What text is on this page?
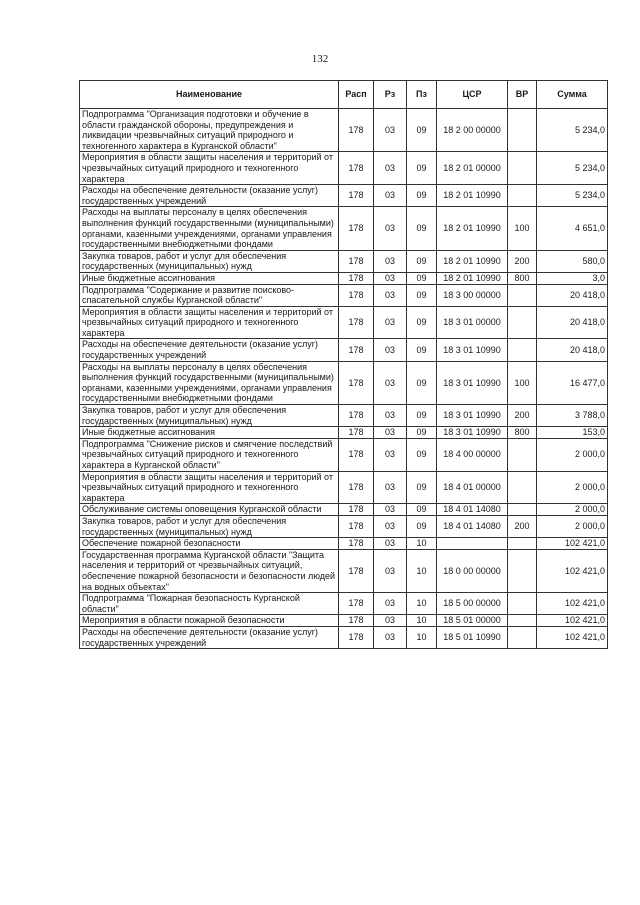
132
Наименование	Расп	Рз	Пз	ЦСР	ВР	Сумма
Подпрограмма "Организация подготовки и обучение в области гражданской обороны, предупреждения и ликвидации чрезвычайных ситуаций природного и техногенного характера в Курганской области"	178	03	09	18 2 00 00000		5 234,0
Мероприятия в области защиты населения и территорий от чрезвычайных ситуаций природного и техногенного характера	178	03	09	18 2 01 00000		5 234,0
Расходы на обеспечение деятельности (оказание услуг) государственных учреждений	178	03	09	18 2 01 10990		5 234,0
Расходы на выплаты персоналу в целях обеспечения выполнения функций государственными (муниципальными) органами, казенными учреждениями, органами управления государственными внебюджетными фондами	178	03	09	18 2 01 10990	100	4 651,0
Закупка товаров, работ и услуг для обеспечения государственных (муниципальных) нужд	178	03	09	18 2 01 10990	200	580,0
Иные бюджетные ассигнования	178	03	09	18 2 01 10990	800	3,0
Подпрограмма "Содержание и развитие поисково-спасательной службы Курганской области"	178	03	09	18 3 00 00000		20 418,0
Мероприятия в области защиты населения и территорий от чрезвычайных ситуаций природного и техногенного характера	178	03	09	18 3 01 00000		20 418,0
Расходы на обеспечение деятельности (оказание услуг) государственных учреждений	178	03	09	18 3 01 10990		20 418,0
Расходы на выплаты персоналу в целях обеспечения выполнения функций государственными (муниципальными) органами, казенными учреждениями, органами управления государственными внебюджетными фондами	178	03	09	18 3 01 10990	100	16 477,0
Закупка товаров, работ и услуг для обеспечения государственных (муниципальных) нужд	178	03	09	18 3 01 10990	200	3 788,0
Иные бюджетные ассигнования	178	03	09	18 3 01 10990	800	153,0
Подпрограмма "Снижение рисков и смягчение последствий чрезвычайных ситуаций природного и техногенного характера в Курганской области"	178	03	09	18 4 00 00000		2 000,0
Мероприятия в области защиты населения и территорий от чрезвычайных ситуаций природного и техногенного характера	178	03	09	18 4 01 00000		2 000,0
Обслуживание системы оповещения Курганской области	178	03	09	18 4 01 14080		2 000,0
Закупка товаров, работ и услуг для обеспечения государственных (муниципальных) нужд	178	03	09	18 4 01 14080	200	2 000,0
Обеспечение пожарной безопасности	178	03	10			102 421,0
Государственная программа Курганской области "Защита населения и территорий от чрезвычайных ситуаций, обеспечение пожарной безопасности и безопасности людей на водных объектах"	178	03	10	18 0 00 00000		102 421,0
Подпрограмма "Пожарная безопасность Курганской области"	178	03	10	18 5 00 00000		102 421,0
Мероприятия в области пожарной безопасности	178	03	10	18 5 01 00000		102 421,0
Расходы на обеспечение деятельности (оказание услуг) государственных учреждений	178	03	10	18 5 01 10990		102 421,0
